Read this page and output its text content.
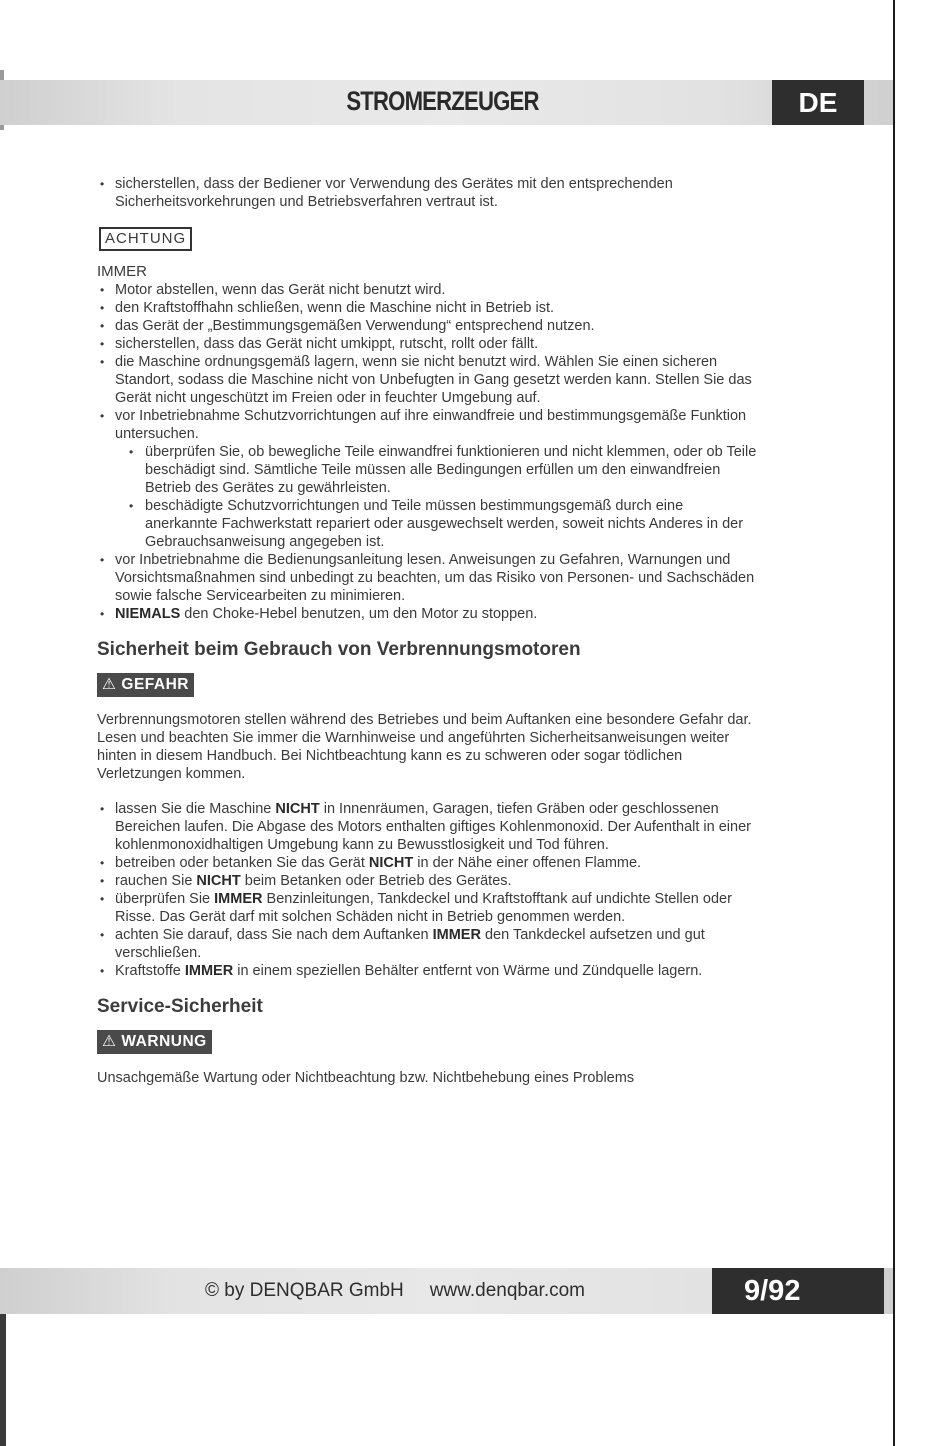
STROMERZEUGER	DE
• sicherstellen, dass der Bediener vor Verwendung des Gerätes mit den entsprechenden Sicherheitsvorkehrungen und Betriebsverfahren vertraut ist.
ACHTUNG
IMMER
• Motor abstellen, wenn das Gerät nicht benutzt wird.
• den Kraftstoffhahn schließen, wenn die Maschine nicht in Betrieb ist.
• das Gerät der „Bestimmungsgemäßen Verwendung“ entsprechend nutzen.
• sicherstellen, dass das Gerät nicht umkippt, rutscht, rollt oder fällt.
• die Maschine ordnungsgemäß lagern, wenn sie nicht benutzt wird. Wählen Sie einen sicheren Standort, sodass die Maschine nicht von Unbefugten in Gang gesetzt werden kann. Stellen Sie das Gerät nicht ungeschützt im Freien oder in feuchter Umgebung auf.
• vor Inbetriebnahme Schutzvorrichtungen auf ihre einwandfreie und bestimmungsgemäße Funktion untersuchen.
• überprüfen Sie, ob bewegliche Teile einwandfrei funktionieren und nicht klemmen, oder ob Teile beschädigt sind. Sämtliche Teile müssen alle Bedingungen erfüllen um den einwandfreien Betrieb des Gerätes zu gewährleisten.
• beschädigte Schutzvorrichtungen und Teile müssen bestimmungsgemäß durch eine anerkannte Fachwerkstatt repariert oder ausgewechselt werden, soweit nichts Anderes in der Gebrauchsanweisung angegeben ist.
• vor Inbetriebnahme die Bedienungsanleitung lesen. Anweisungen zu Gefahren, Warnungen und Vorsichtsmaßnahmen sind unbedingt zu beachten, um das Risiko von Personen- und Sachschäden sowie falsche Servicearbeiten zu minimieren.
• NIEMALS den Choke-Hebel benutzen, um den Motor zu stoppen.
Sicherheit beim Gebrauch von Verbrennungsmotoren
⚠ GEFAHR
Verbrennungsmotoren stellen während des Betriebes und beim Auftanken eine besondere Gefahr dar. Lesen und beachten Sie immer die Warnhinweise und angeführten Sicherheitsanweisungen weiter hinten in diesem Handbuch. Bei Nichtbeachtung kann es zu schweren oder sogar tödlichen Verletzungen kommen.
• lassen Sie die Maschine NICHT in Innenräumen, Garagen, tiefen Gräben oder geschlossenen Bereichen laufen. Die Abgase des Motors enthalten giftiges Kohlenmonoxid. Der Aufenthalt in einer kohlenmonoxidhaltigen Umgebung kann zu Bewusstlosigkeit und Tod führen.
• betreiben oder betanken Sie das Gerät NICHT in der Nähe einer offenen Flamme.
• rauchen Sie NICHT beim Betanken oder Betrieb des Gerätes.
• überprüfen Sie IMMER Benzinleitungen, Tankdeckel und Kraftstofftank auf undichte Stellen oder Risse. Das Gerät darf mit solchen Schäden nicht in Betrieb genommen werden.
• achten Sie darauf, dass Sie nach dem Auftanken IMMER den Tankdeckel aufsetzen und gut verschließen.
• Kraftstoffe IMMER in einem speziellen Behälter entfernt von Wärme und Zündquelle lagern.
Service-Sicherheit
⚠ WARNUNG
Unsachgemäße Wartung oder Nichtbeachtung bzw. Nichtbehebung eines Problems
© by DENQBAR GmbH www.denqbar.com	9/92
